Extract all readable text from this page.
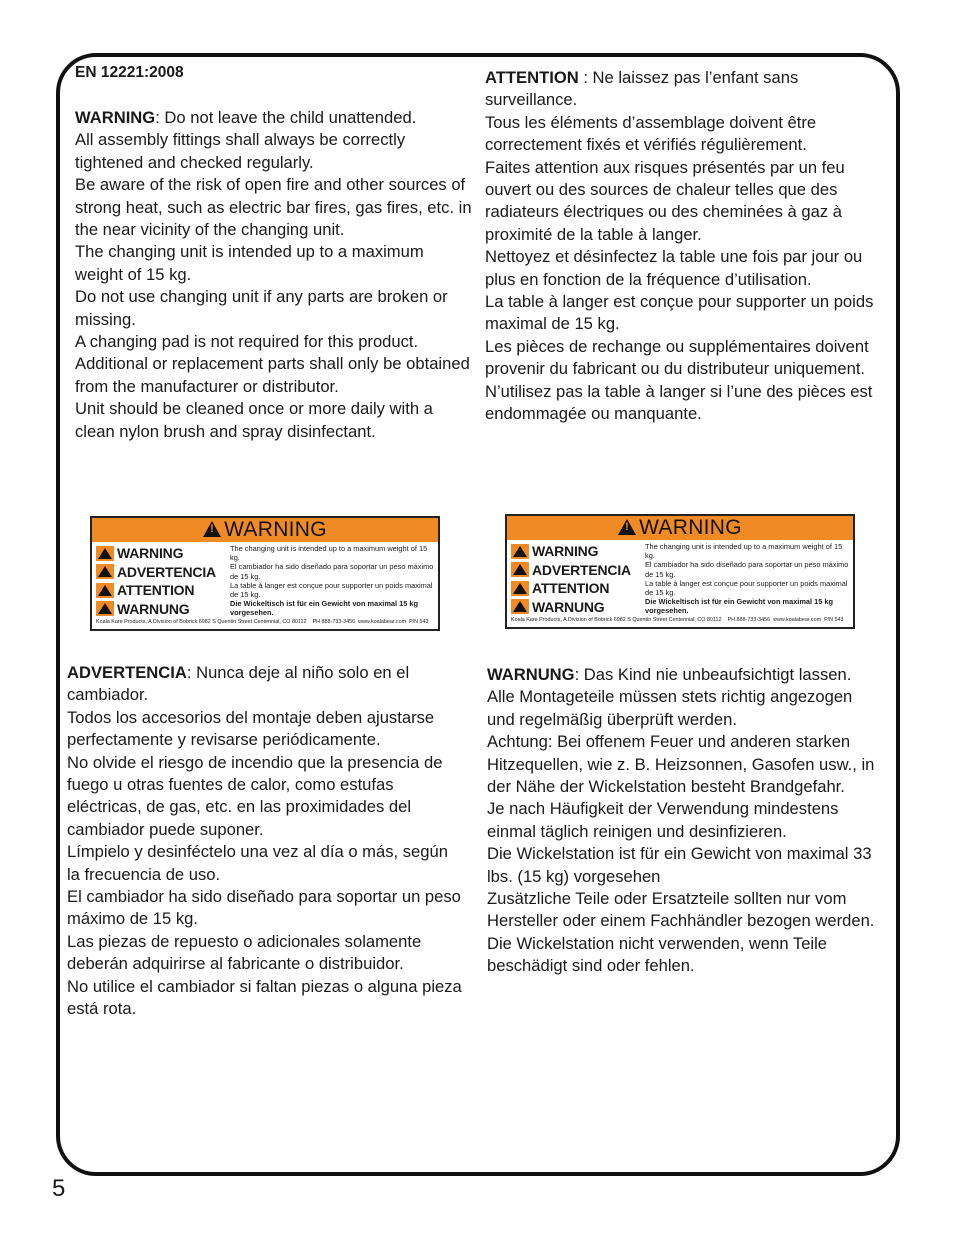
EN 12221:2008

WARNING: Do not leave the child unattended.

All assembly fittings shall always be correctly tightened and checked regularly.

Be aware of the risk of open fire and other sources of strong heat, such as electric bar fires, gas fires, etc. in the near vicinity of the changing unit.

The changing unit is intended up to a maximum weight of 15 kg.

Do not use changing unit if any parts are broken or missing.

A changing pad is not required for this product.

Additional or replacement parts shall only be obtained from the manufacturer or distributor.

Unit should be cleaned once or more daily with a clean nylon brush and spray disinfectant.

ATTENTION : Ne laissez pas l’enfant sans surveillance.

Tous les éléments d’assemblage doivent être correctement fixés et vérifiés régulièrement.

Faites attention aux risques présentés par un feu ouvert ou des sources de chaleur telles que des radiateurs électriques ou des cheminées à gaz à proximité de la table à langer.

Nettoyez et désinfectez la table une fois par jour ou plus en fonction de la fréquence d’utilisation.

La table à langer est conçue pour supporter un poids maximal de 15 kg.

Les pièces de rechange ou supplémentaires doivent provenir du fabricant ou du distributeur uniquement.

N’utilisez pas la table à langer si l’une des pièces est endommagée ou manquante.

!
WARNING
WARNING
ADVERTENCIA
ATTENTION
WARNUNG
The changing unit is intended up to a maximum weight of 15 kg.
El cambiador ha sido diseñado para soportar un peso máximo de 15 kg.
La table à langer est conçue pour supporter un poids maximal de 15 kg.
Die Wickeltisch ist für ein Gewicht von maximal 15 kg vorgesehen.
Koala Kare Products, A Division of Bobrick 6982 S Quentin Street Centennial, CO 80112 PH 888-733-3456 www.koalabear.com P/N 543
!
WARNING
WARNING
ADVERTENCIA
ATTENTION
WARNUNG
The changing unit is intended up to a maximum weight of 15 kg.
El cambiador ha sido diseñado para soportar un peso máximo de 15 kg.
La table à langer est conçue pour supporter un poids maximal de 15 kg.
Die Wickeltisch ist für ein Gewicht von maximal 15 kg vorgesehen.
Koala Kare Products, A Division of Bobrick 6982 S Quentin Street Centennial, CO 80112 PH 888-733-3456 www.koalabear.com P/N 543

ADVERTENCIA: Nunca deje al niño solo en el cambiador.

Todos los accesorios del montaje deben ajustarse perfectamente y revisarse periódicamente.

No olvide el riesgo de incendio que la presencia de fuego u otras fuentes de calor, como estufas eléctricas, de gas, etc. en las proximidades del cambiador puede suponer.

Límpielo y desinféctelo una vez al día o más, según la frecuencia de uso.

El cambiador ha sido diseñado para soportar un peso máximo de 15 kg.

Las piezas de repuesto o adicionales solamente deberán adquirirse al fabricante o distribuidor.

No utilice el cambiador si faltan piezas o alguna pieza está rota.

WARNUNG: Das Kind nie unbeaufsichtigt lassen.

Alle Montageteile müssen stets richtig angezogen und regelmäßig überprüft werden.

Achtung: Bei offenem Feuer und anderen starken Hitzequellen, wie z. B. Heizsonnen, Gasofen usw., in der Nähe der Wickelstation besteht Brandgefahr.

Je nach Häufigkeit der Verwendung mindestens einmal täglich reinigen und desinfizieren.

Die Wickelstation ist für ein Gewicht von maximal 33 lbs. (15 kg) vorgesehen

Zusätzliche Teile oder Ersatzteile sollten nur vom Hersteller oder einem Fachhändler bezogen werden.

Die Wickelstation nicht verwenden, wenn Teile beschädigt sind oder fehlen.

5
